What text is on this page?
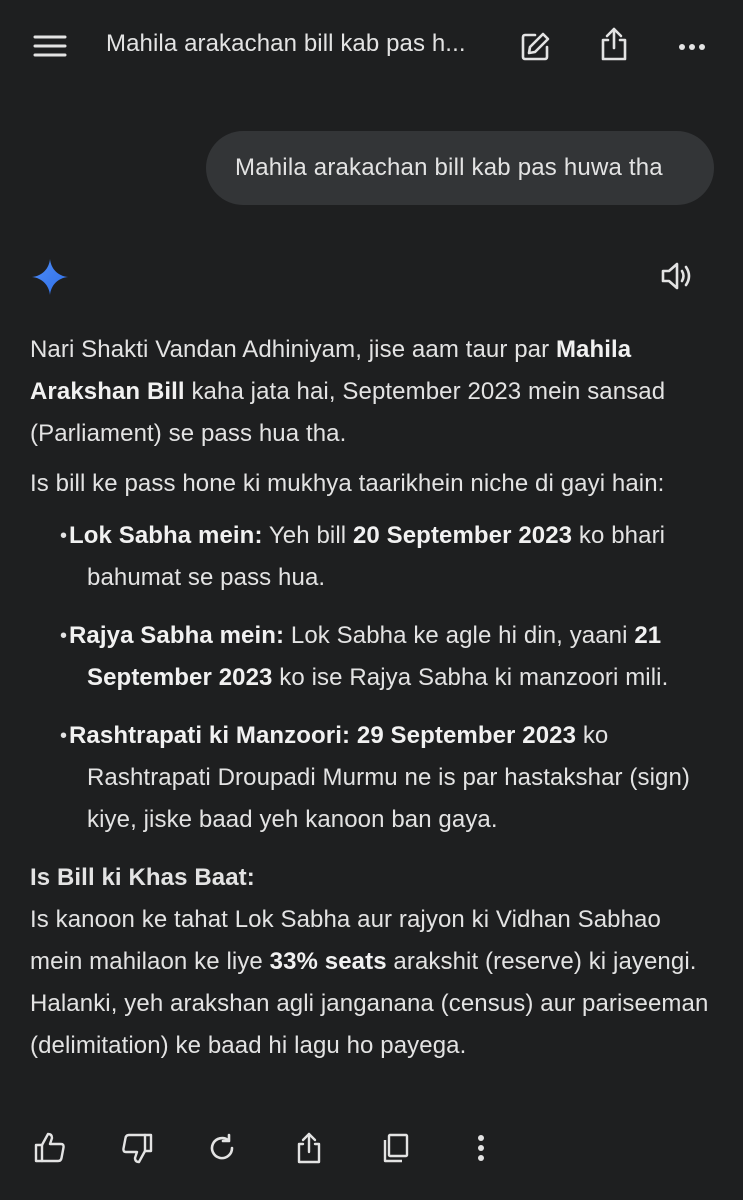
Mahila arakachan bill kab pas h...
Mahila arakachan bill kab pas huwa tha

Nari Shakti Vandan Adhiniyam, jise aam taur par Mahila Arakshan Bill kaha jata hai, September 2023 mein sansad (Parliament) se pass hua tha.

Is bill ke pass hone ki mukhya taarikhein niche di gayi hain:

• Lok Sabha mein: Yeh bill 20 September 2023 ko bhari bahumat se pass hua.
• Rajya Sabha mein: Lok Sabha ke agle hi din, yaani 21 September 2023 ko ise Rajya Sabha ki manzoori mili.
• Rashtrapati ki Manzoori: 29 September 2023 ko Rashtrapati Droupadi Murmu ne is par hastakshar (sign) kiye, jiske baad yeh kanoon ban gaya.

Is Bill ki Khas Baat:

Is kanoon ke tahat Lok Sabha aur rajyon ki Vidhan Sabhao mein mahilaon ke liye 33% seats arakshit (reserve) ki jayengi. Halanki, yeh arakshan agli janganana (census) aur pariseeman (delimitation) ke baad hi lagu ho payega.
